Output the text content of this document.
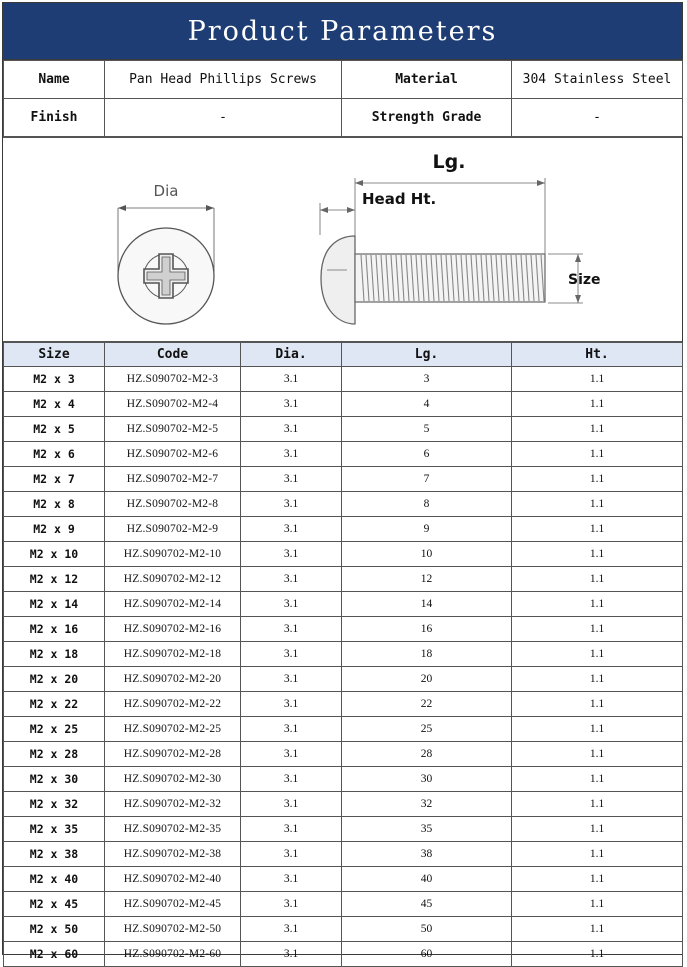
Product Parameters
Name	Pan Head Phillips Screws	Material	304 Stainless Steel
Finish	-	Strength Grade	-
Dia
Lg.
Head Ht.
Size
Size	Code	Dia.	Lg.	Ht.
M2 x 3	HZ.S090702-M2-3	3.1	3	1.1
M2 x 4	HZ.S090702-M2-4	3.1	4	1.1
M2 x 5	HZ.S090702-M2-5	3.1	5	1.1
M2 x 6	HZ.S090702-M2-6	3.1	6	1.1
M2 x 7	HZ.S090702-M2-7	3.1	7	1.1
M2 x 8	HZ.S090702-M2-8	3.1	8	1.1
M2 x 9	HZ.S090702-M2-9	3.1	9	1.1
M2 x 10	HZ.S090702-M2-10	3.1	10	1.1
M2 x 12	HZ.S090702-M2-12	3.1	12	1.1
M2 x 14	HZ.S090702-M2-14	3.1	14	1.1
M2 x 16	HZ.S090702-M2-16	3.1	16	1.1
M2 x 18	HZ.S090702-M2-18	3.1	18	1.1
M2 x 20	HZ.S090702-M2-20	3.1	20	1.1
M2 x 22	HZ.S090702-M2-22	3.1	22	1.1
M2 x 25	HZ.S090702-M2-25	3.1	25	1.1
M2 x 28	HZ.S090702-M2-28	3.1	28	1.1
M2 x 30	HZ.S090702-M2-30	3.1	30	1.1
M2 x 32	HZ.S090702-M2-32	3.1	32	1.1
M2 x 35	HZ.S090702-M2-35	3.1	35	1.1
M2 x 38	HZ.S090702-M2-38	3.1	38	1.1
M2 x 40	HZ.S090702-M2-40	3.1	40	1.1
M2 x 45	HZ.S090702-M2-45	3.1	45	1.1
M2 x 50	HZ.S090702-M2-50	3.1	50	1.1
M2 x 60	HZ.S090702-M2-60	3.1	60	1.1
